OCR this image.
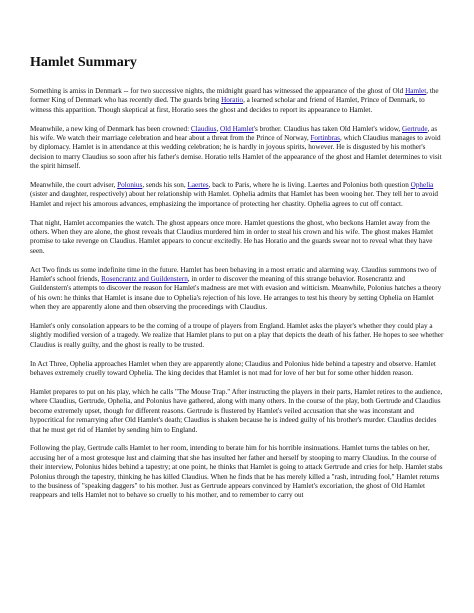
Hamlet Summary

Something is amiss in Denmark -- for two successive nights, the midnight guard has witnessed the appearance of the ghost of Old Hamlet, the former King of Denmark who has recently died. The guards bring Horatio, a learned scholar and friend of Hamlet, Prince of Denmark, to witness this apparition. Though skeptical at first, Horatio sees the ghost and decides to report its appearance to Hamlet.

Meanwhile, a new king of Denmark has been crowned: Claudius, Old Hamlet's brother. Claudius has taken Old Hamlet's widow, Gertrude, as his wife. We watch their marriage celebration and hear about a threat from the Prince of Norway, Fortinbras, which Claudius manages to avoid by diplomacy. Hamlet is in attendance at this wedding celebration; he is hardly in joyous spirits, however. He is disgusted by his mother's decision to marry Claudius so soon after his father's demise. Horatio tells Hamlet of the appearance of the ghost and Hamlet determines to visit the spirit himself.

Meanwhile, the court adviser, Polonius, sends his son, Laertes, back to Paris, where he is living. Laertes and Polonius both question Ophelia (sister and daughter, respectively) about her relationship with Hamlet. Ophelia admits that Hamlet has been wooing her. They tell her to avoid Hamlet and reject his amorous advances, emphasizing the importance of protecting her chastity. Ophelia agrees to cut off contact.

That night, Hamlet accompanies the watch. The ghost appears once more. Hamlet questions the ghost, who beckons Hamlet away from the others. When they are alone, the ghost reveals that Claudius murdered him in order to steal his crown and his wife. The ghost makes Hamlet promise to take revenge on Claudius. Hamlet appears to concur excitedly. He has Horatio and the guards swear not to reveal what they have seen.

Act Two finds us some indefinite time in the future. Hamlet has been behaving in a most erratic and alarming way. Claudius summons two of Hamlet's school friends, Rosencrantz and Guildenstern, in order to discover the meaning of this strange behavior. Rosencrantz and Guildenstern's attempts to discover the reason for Hamlet's madness are met with evasion and witticism. Meanwhile, Polonius hatches a theory of his own: he thinks that Hamlet is insane due to Ophelia's rejection of his love. He arranges to test his theory by setting Ophelia on Hamlet when they are apparently alone and then observing the proceedings with Claudius.

Hamlet's only consolation appears to be the coming of a troupe of players from England. Hamlet asks the player's whether they could play a slightly modified version of a tragedy. We realize that Hamlet plans to put on a play that depicts the death of his father. He hopes to see whether Claudius is really guilty, and the ghost is really to be trusted.

In Act Three, Ophelia approaches Hamlet when they are apparently alone; Claudius and Polonius hide behind a tapestry and observe. Hamlet behaves extremely cruelly toward Ophelia. The king decides that Hamlet is not mad for love of her but for some other hidden reason.

Hamlet prepares to put on his play, which he calls "The Mouse Trap." After instructing the players in their parts, Hamlet retires to the audience, where Claudius, Gertrude, Ophelia, and Polonius have gathered, along with many others. In the course of the play, both Gertrude and Claudius become extremely upset, though for different reasons. Gertrude is flustered by Hamlet's veiled accusation that she was inconstant and hypocritical for remarrying after Old Hamlet's death; Claudius is shaken because he is indeed guilty of his brother's murder. Claudius decides that he must get rid of Hamlet by sending him to England.

Following the play, Gertrude calls Hamlet to her room, intending to berate him for his horrible insinuations. Hamlet turns the tables on her, accusing her of a most grotesque lust and claiming that she has insulted her father and herself by stooping to marry Claudius. In the course of their interview, Polonius hides behind a tapestry; at one point, he thinks that Hamlet is going to attack Gertrude and cries for help. Hamlet stabs Polonius through the tapestry, thinking he has killed Claudius. When he finds that he has merely killed a "rash, intruding fool," Hamlet returns to the business of "speaking daggers" to his mother. Just as Gertrude appears convinced by Hamlet's excoriation, the ghost of Old Hamlet reappears and tells Hamlet not to behave so cruelly to his mother, and to remember to carry out
